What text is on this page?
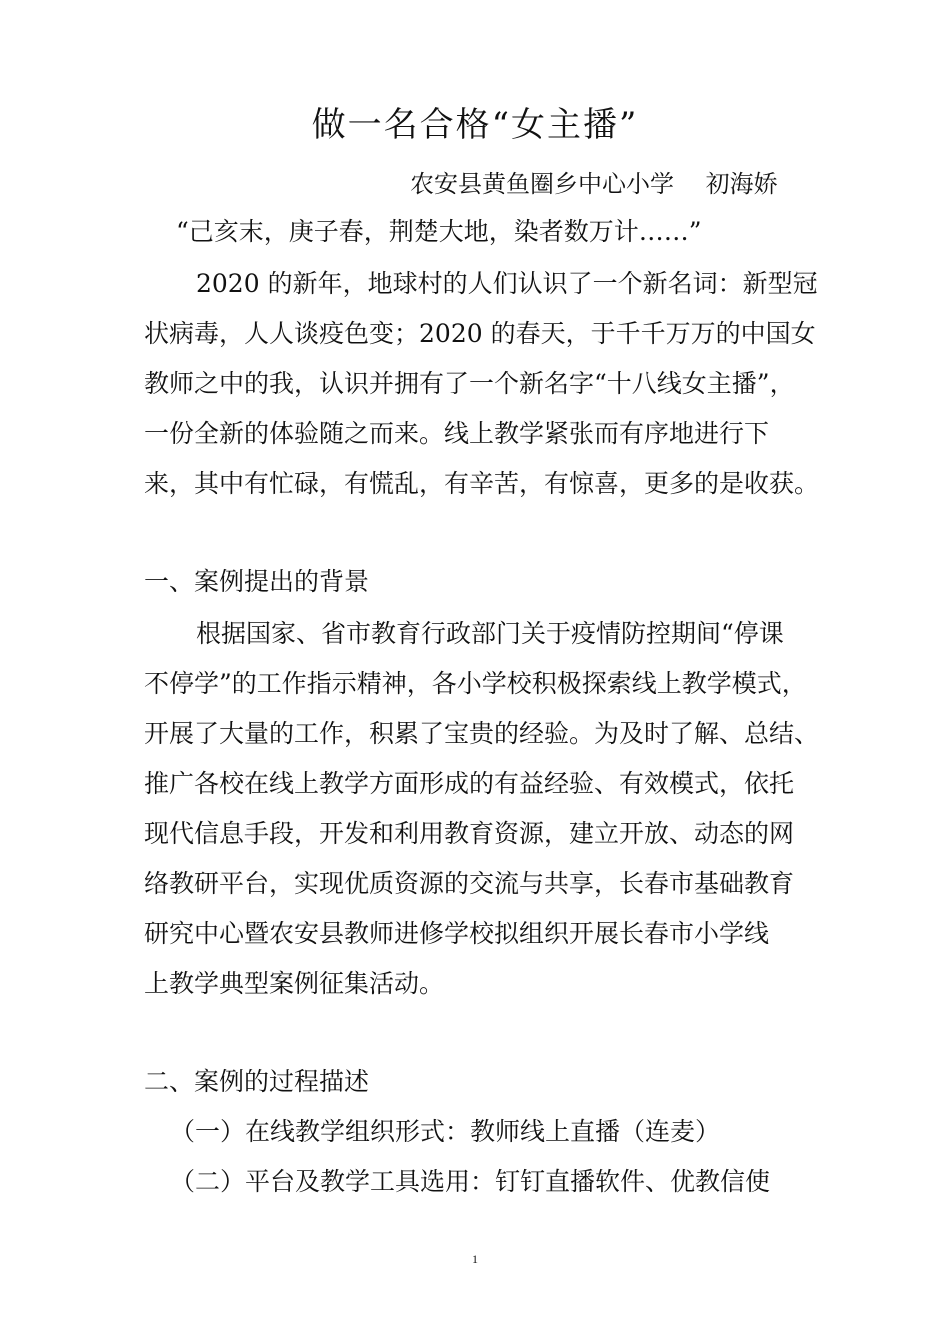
做一名合格“女主播”
农安县黄鱼圈乡中心小学　 初海娇

“己亥末，庚子春，荆楚大地，染者数万计……”

2020 的新年，地球村的人们认识了一个新名词：新型冠

状病毒，人人谈疫色变；2020 的春天，于千千万万的中国女

教师之中的我，认识并拥有了一个新名字“十八线女主播”，

一份全新的体验随之而来。线上教学紧张而有序地进行下

来，其中有忙碌，有慌乱，有辛苦，有惊喜，更多的是收获。

一、案例提出的背景

根据国家、省市教育行政部门关于疫情防控期间“停课

不停学”的工作指示精神，各小学校积极探索线上教学模式，

开展了大量的工作，积累了宝贵的经验。为及时了解、总结、

推广各校在线上教学方面形成的有益经验、有效模式，依托

现代信息手段，开发和利用教育资源，建立开放、动态的网

络教研平台，实现优质资源的交流与共享，长春市基础教育

研究中心暨农安县教师进修学校拟组织开展长春市小学线

上教学典型案例征集活动。

二、案例的过程描述

（一）在线教学组织形式：教师线上直播（连麦）

（二）平台及教学工具选用：钉钉直播软件、优教信使

1
